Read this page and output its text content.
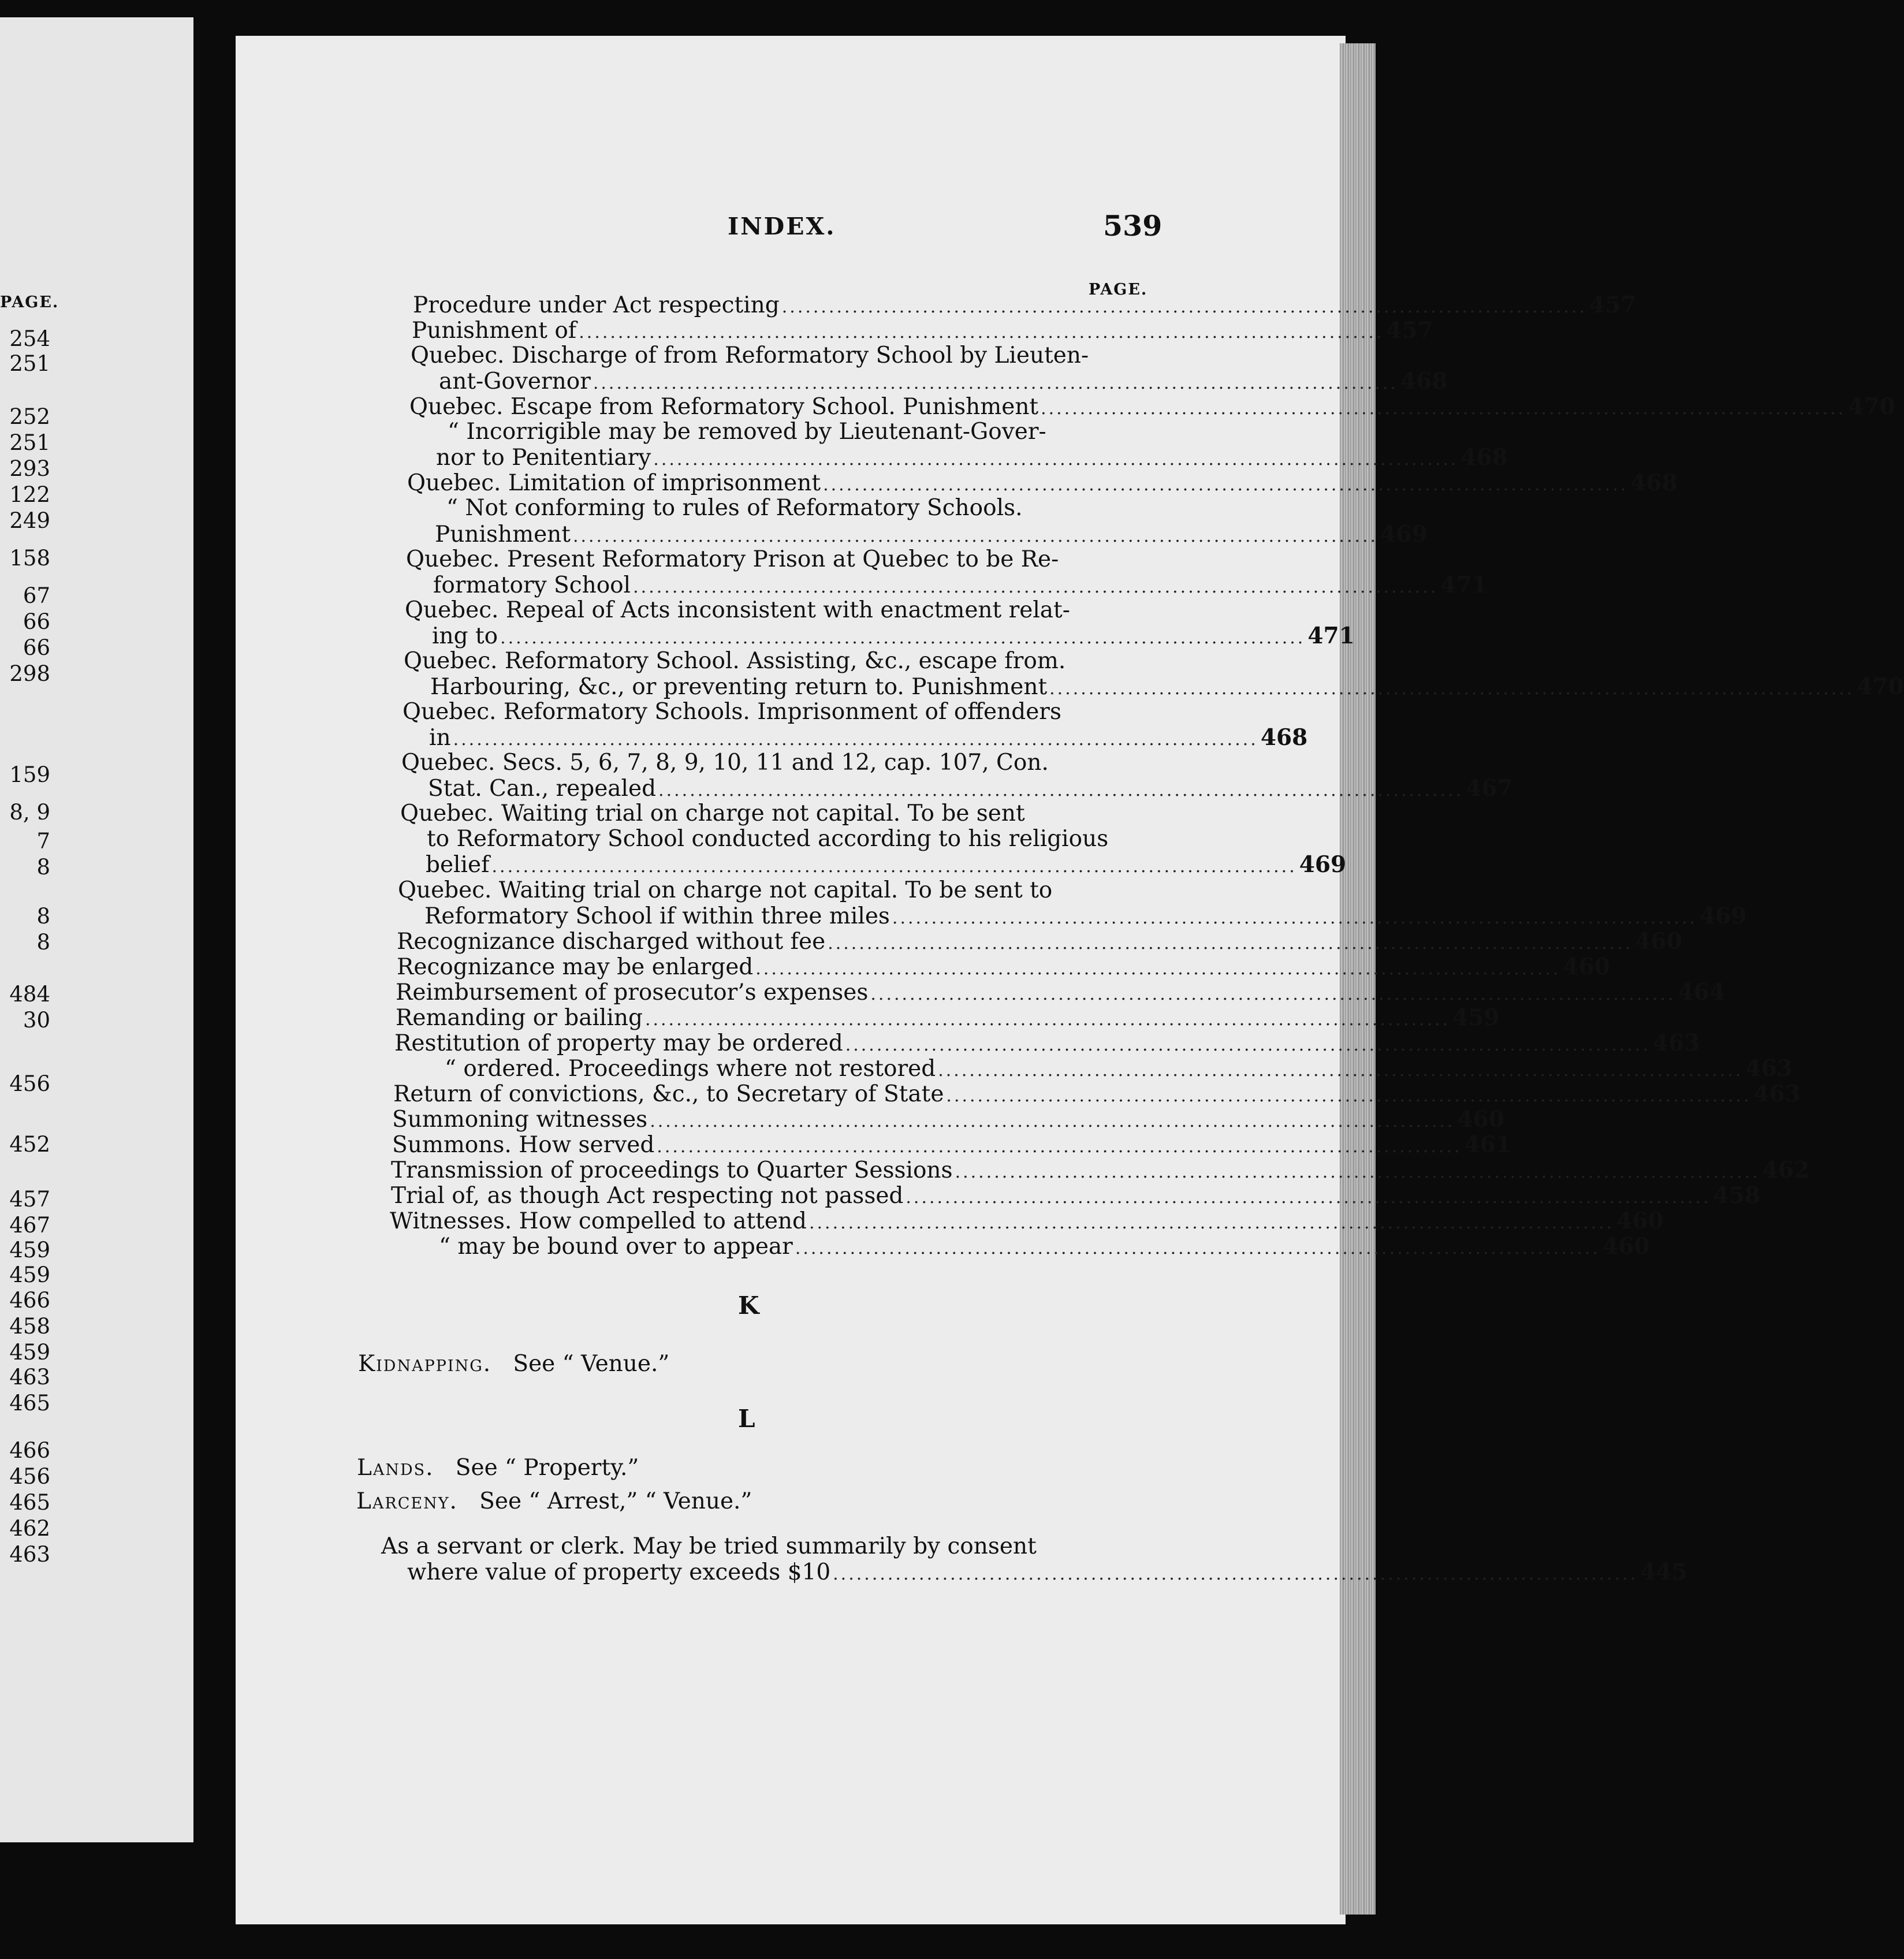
PAGE.
254
251
252
251
293
122
249
158
67
66
66
298
159
8, 9
7
8
8
8
484
30
456
452
457
467
459
459
466
458
459
463
465
466
456
465
462
463
INDEX.	539
PAGE.
Procedure under Act respecting ....................................................................................................... 457
Punishment of ....................................................................................................... 457
Quebec. Discharge of from Reformatory School by Lieuten-
ant-Governor ....................................................................................................... 468
Quebec. Escape from Reformatory School. Punishment ....................................................................................................... 470
“ Incorrigible may be removed by Lieutenant-Gover-
nor to Penitentiary ....................................................................................................... 468
Quebec. Limitation of imprisonment ....................................................................................................... 468
“ Not conforming to rules of Reformatory Schools.
Punishment ....................................................................................................... 469
Quebec. Present Reformatory Prison at Quebec to be Re-
formatory School ....................................................................................................... 471
Quebec. Repeal of Acts inconsistent with enactment relat-
ing to ....................................................................................................... 471
Quebec. Reformatory School. Assisting, &c., escape from.
Harbouring, &c., or preventing return to. Punishment ....................................................................................................... 470
Quebec. Reformatory Schools. Imprisonment of offenders
in ....................................................................................................... 468
Quebec. Secs. 5, 6, 7, 8, 9, 10, 11 and 12, cap. 107, Con.
Stat. Can., repealed ....................................................................................................... 467
Quebec. Waiting trial on charge not capital. To be sent
to Reformatory School conducted according to his religious
belief ....................................................................................................... 469
Quebec. Waiting trial on charge not capital. To be sent to
Reformatory School if within three miles ....................................................................................................... 469
Recognizance discharged without fee ....................................................................................................... 460
Recognizance may be enlarged ....................................................................................................... 460
Reimbursement of prosecutor’s expenses ....................................................................................................... 464
Remanding or bailing ....................................................................................................... 459
Restitution of property may be ordered ....................................................................................................... 463
“ ordered. Proceedings where not restored ....................................................................................................... 463
Return of convictions, &c., to Secretary of State ....................................................................................................... 463
Summoning witnesses ....................................................................................................... 460
Summons. How served ....................................................................................................... 461
Transmission of proceedings to Quarter Sessions ....................................................................................................... 462
Trial of, as though Act respecting not passed ....................................................................................................... 458
Witnesses. How compelled to attend ....................................................................................................... 460
“ may be bound over to appear ....................................................................................................... 460
K
Kidnapping. See “ Venue.”
L
Lands. See “ Property.”
Larceny. See “ Arrest,” “ Venue.”
As a servant or clerk. May be tried summarily by consent
where value of property exceeds $10 ....................................................................................................... 445
